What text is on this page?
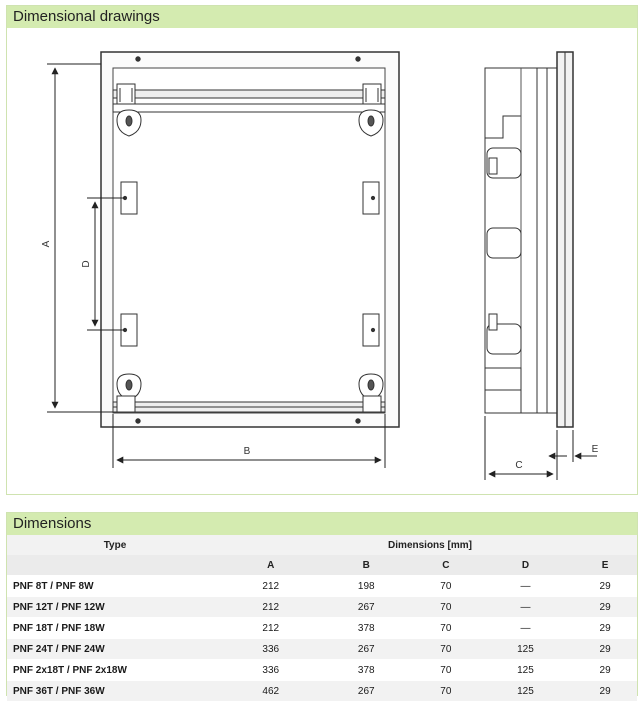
Dimensional drawings
A
D
B
C
E
Dimensions
Type	Dimensions [mm]				
	A	B	C	D	E
PNF 8T / PNF 8W	212	198	70	—	29
PNF 12T / PNF 12W	212	267	70	—	29
PNF 18T / PNF 18W	212	378	70	—	29
PNF 24T / PNF 24W	336	267	70	125	29
PNF 2x18T / PNF 2x18W	336	378	70	125	29
PNF 36T / PNF 36W	462	267	70	125	29
